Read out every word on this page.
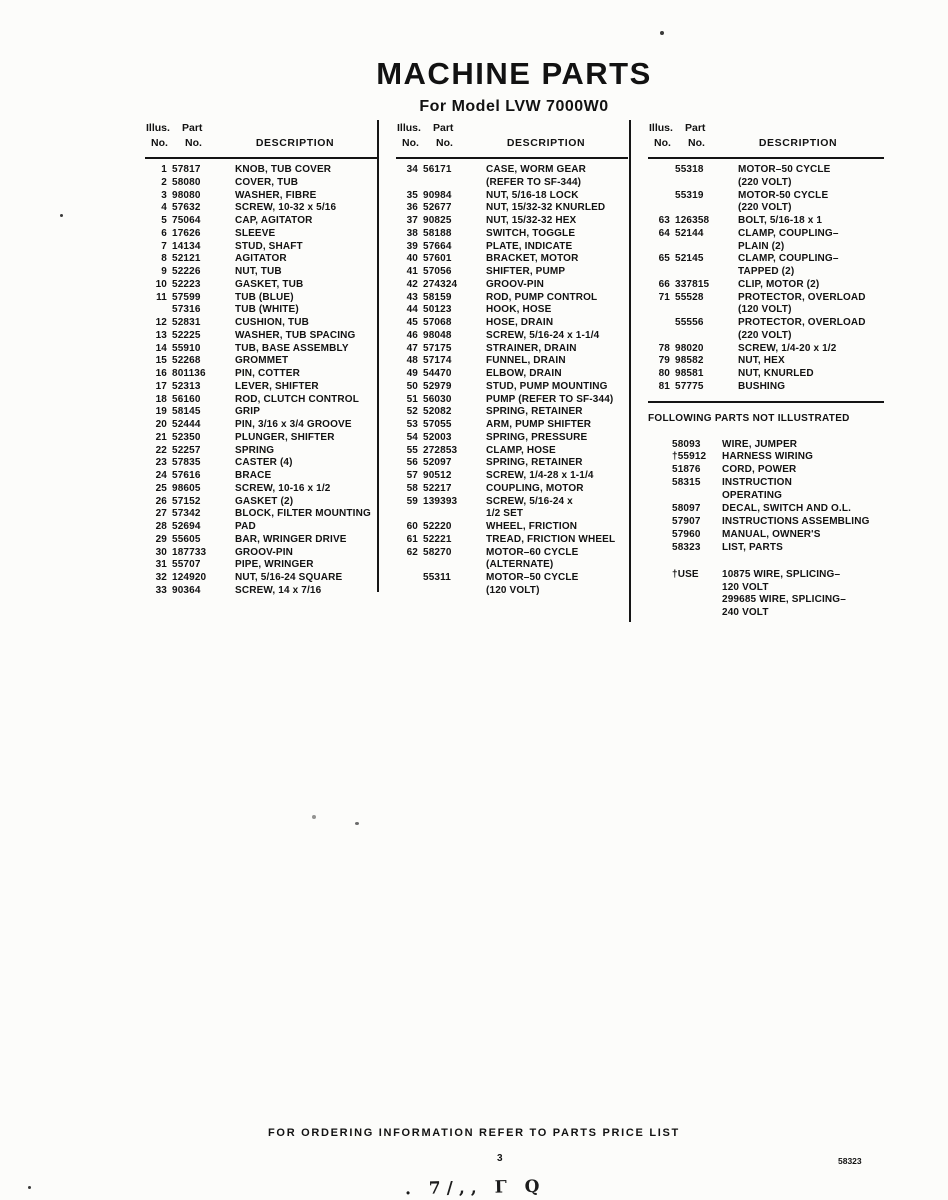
MACHINE PARTS
For Model LVW 7000W0
Illus. Part
No. No.	DESCRIPTION
1 57817	KNOB, TUB COVER
2 58080	COVER, TUB
3 98080	WASHER, FIBRE
4 57632	SCREW, 10-32 x 5/16
5 75064	CAP, AGITATOR
6 17626	SLEEVE
7 14134	STUD, SHAFT
8 52121	AGITATOR
9 52226	NUT, TUB
10 52223	GASKET, TUB
11 57599	TUB (BLUE)
57316	TUB (WHITE)
12 52831	CUSHION, TUB
13 52225	WASHER, TUB SPACING
14 55910	TUB, BASE ASSEMBLY
15 52268	GROMMET
16 801136	PIN, COTTER
17 52313	LEVER, SHIFTER
18 56160	ROD, CLUTCH CONTROL
19 58145	GRIP
20 52444	PIN, 3/16 x 3/4 GROOVE
21 52350	PLUNGER, SHIFTER
22 52257	SPRING
23 57835	CASTER (4)
24 57616	BRACE
25 98605	SCREW, 10-16 x 1/2
26 57152	GASKET (2)
27 57342	BLOCK, FILTER MOUNTING
28 52694	PAD
29 55605	BAR, WRINGER DRIVE
30 187733	GROOV-PIN
31 55707	PIPE, WRINGER
32 124920	NUT, 5/16-24 SQUARE
33 90364	SCREW, 14 x 7/16
Illus. Part
No. No.	DESCRIPTION
34 56171	CASE, WORM GEAR
(REFER TO SF-344)
35 90984	NUT, 5/16-18 LOCK
36 52677	NUT, 15/32-32 KNURLED
37 90825	NUT, 15/32-32 HEX
38 58188	SWITCH, TOGGLE
39 57664	PLATE, INDICATE
40 57601	BRACKET, MOTOR
41 57056	SHIFTER, PUMP
42 274324	GROOV-PIN
43 58159	ROD, PUMP CONTROL
44 50123	HOOK, HOSE
45 57068	HOSE, DRAIN
46 98048	SCREW, 5/16-24 x 1-1/4
47 57175	STRAINER, DRAIN
48 57174	FUNNEL, DRAIN
49 54470	ELBOW, DRAIN
50 52979	STUD, PUMP MOUNTING
51 56030	PUMP (REFER TO SF-344)
52 52082	SPRING, RETAINER
53 57055	ARM, PUMP SHIFTER
54 52003	SPRING, PRESSURE
55 272853	CLAMP, HOSE
56 52097	SPRING, RETAINER
57 90512	SCREW, 1/4-28 x 1-1/4
58 52217	COUPLING, MOTOR
59 139393	SCREW, 5/16-24 x
1/2 SET
60 52220	WHEEL, FRICTION
61 52221	TREAD, FRICTION WHEEL
62 58270	MOTOR–60 CYCLE
(ALTERNATE)
55311	MOTOR–50 CYCLE
(120 VOLT)
Illus. Part
No. No.	DESCRIPTION
55318	MOTOR–50 CYCLE
(220 VOLT)
55319	MOTOR-50 CYCLE
(220 VOLT)
63 126358	BOLT, 5/16-18 x 1
64 52144	CLAMP, COUPLING–
PLAIN (2)
65 52145	CLAMP, COUPLING–
TAPPED (2)
66 337815	CLIP, MOTOR (2)
71 55528	PROTECTOR, OVERLOAD
(120 VOLT)
55556	PROTECTOR, OVERLOAD
(220 VOLT)
78 98020	SCREW, 1/4-20 x 1/2
79 98582	NUT, HEX
80 98581	NUT, KNURLED
81 57775	BUSHING
FOLLOWING PARTS NOT ILLUSTRATED
58093	WIRE, JUMPER
†55912	HARNESS WIRING
51876	CORD, POWER
58315	INSTRUCTION
OPERATING
58097	DECAL, SWITCH AND O.L.
57907	INSTRUCTIONS ASSEMBLING
57960	MANUAL, OWNER'S
58323	LIST, PARTS
†USE	10875 WIRE, SPLICING–
120 VOLT
299685 WIRE, SPLICING–
240 VOLT
FOR ORDERING INFORMATION REFER TO PARTS PRICE LIST
3	58323
. 7/,, Γ Q
